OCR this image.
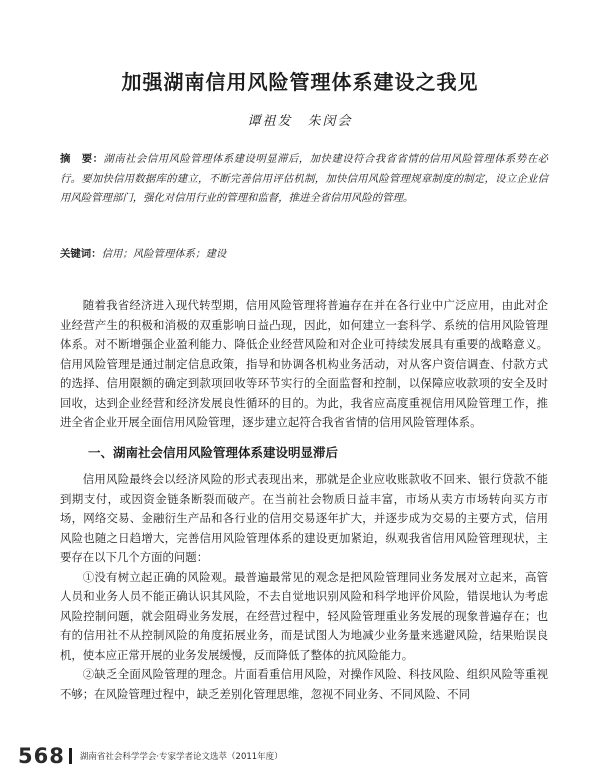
加强湖南信用风险管理体系建设之我见
谭祖发　朱闵会
摘　要：湖南社会信用风险管理体系建设明显滞后，加快建设符合我省省情的信用风险管理体系势在必行。要加快信用数据库的建立，不断完善信用评估机制，加快信用风险管理规章制度的制定，设立企业信用风险管理部门，强化对信用行业的管理和监督，推进全省信用风险的管理。
关键词：信用；风险管理体系；建设

随着我省经济进入现代转型期，信用风险管理将普遍存在并在各行业中广泛应用，由此对企业经营产生的积极和消极的双重影响日益凸现，因此，如何建立一套科学、系统的信用风险管理体系。对不断增强企业盈利能力、降低企业经营风险和对企业可持续发展具有重要的战略意义。信用风险管理是通过制定信息政策，指导和协调各机构业务活动，对从客户资信调查、付款方式的选择、信用限额的确定到款项回收等环节实行的全面监督和控制，以保障应收款项的安全及时回收，达到企业经营和经济发展良性循环的目的。为此，我省应高度重视信用风险管理工作，推进全省企业开展全面信用风险管理，逐步建立起符合我省省情的信用风险管理体系。

一、湖南社会信用风险管理体系建设明显滞后

信用风险最终会以经济风险的形式表现出来，那就是企业应收账款收不回来、银行贷款不能到期支付，或因资金链条断裂而破产。在当前社会物质日益丰富，市场从卖方市场转向买方市场，网络交易、金融衍生产品和各行业的信用交易逐年扩大，并逐步成为交易的主要方式，信用风险也随之日趋增大，完善信用风险管理体系的建设更加紧迫，纵观我省信用风险管理现状，主要存在以下几个方面的问题：

①没有树立起正确的风险观。最普遍最常见的观念是把风险管理同业务发展对立起来，高管人员和业务人员不能正确认识其风险，不去自觉地识别风险和科学地评价风险，错误地认为考虑风险控制问题，就会阻碍业务发展，在经营过程中，轻风险管理重业务发展的现象普遍存在；也有的信用社不从控制风险的角度拓展业务，而是试图人为地减少业务量来逃避风险，结果贻误良机，使本应正常开展的业务发展缓慢，反而降低了整体的抗风险能力。

②缺乏全面风险管理的理念。片面看重信用风险，对操作风险、科技风险、组织风险等重视不够；在风险管理过程中，缺乏差别化管理思维，忽视不同业务、不同风险、不同

568 湖南省社会科学学会·专家学者论文选萃（2011年度）
